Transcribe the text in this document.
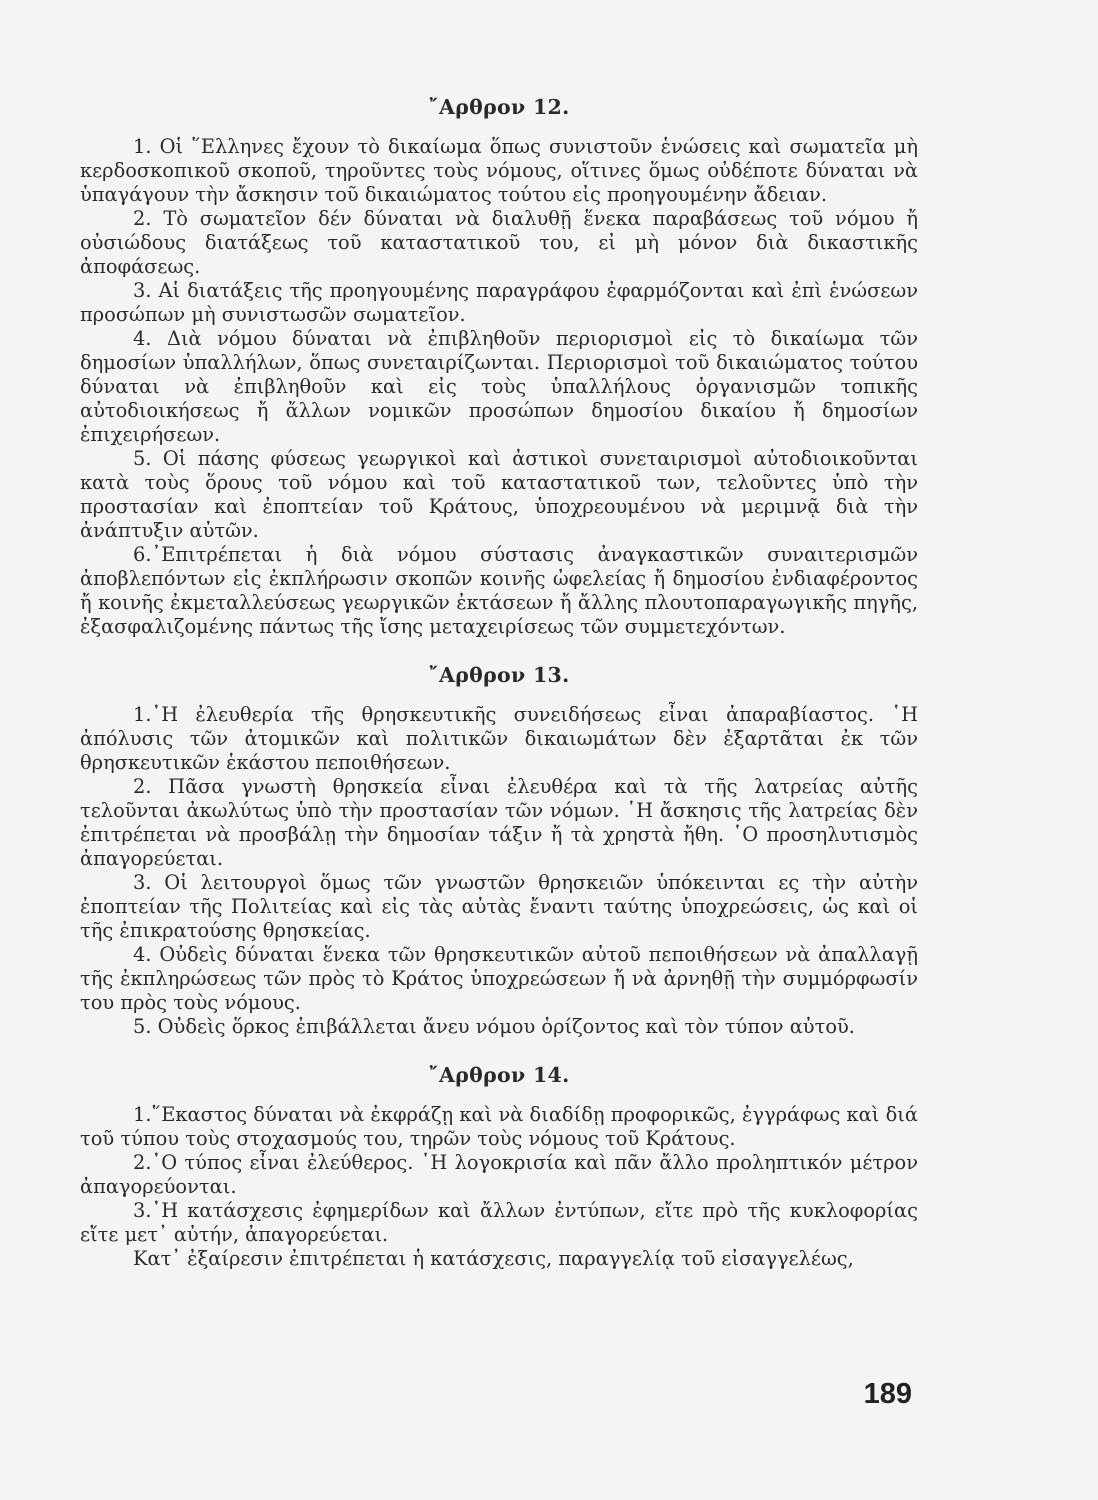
῎Αρθρον 12.

1. Οἱ ῞Ελληνες ἔχουν τὸ δικαίωμα ὅπως συνιστοῦν ἑνώσεις καὶ σωματεῖα μὴ κερδοσκοπικοῦ σκοποῦ, τηροῦντες τοὺς νόμους, οἵτινες ὅμως οὐδέποτε δύναται νὰ ὑπαγάγουν τὴν ἄσκησιν τοῦ δικαιώματος τούτου εἰς προηγουμένην ἄδειαν.

2. Τὸ σωματεῖον δέν δύναται νὰ διαλυθῇ ἕνεκα παραβάσεως τοῦ νόμου ἤ οὐσιώδους διατάξεως τοῦ καταστατικοῦ του, εἰ μὴ μόνον διὰ δικαστικῆς ἀποφάσεως.

3. Αἱ διατάξεις τῆς προηγουμένης παραγράφου ἐφαρμόζονται καὶ ἐπὶ ἑνώσεων προσώπων μὴ συνιστωσῶν σωματεῖον.

4. Διὰ νόμου δύναται νὰ ἐπιβληθοῦν περιορισμοὶ εἰς τὸ δικαίωμα τῶν δημοσίων ὑπαλλήλων, ὅπως συνεταιρίζωνται. Περιορισμοὶ τοῦ δικαιώματος τούτου δύναται νὰ ἐπιβληθοῦν καὶ εἰς τοὺς ὑπαλλήλους ὀργανισμῶν τοπικῆς αὐτοδιοικήσεως ἤ ἄλλων νομικῶν προσώπων δημοσίου δικαίου ἤ δημοσίων ἐπιχειρήσεων.

5. Οἱ πάσης φύσεως γεωργικοὶ καὶ ἀστικοὶ συνεταιρισμοὶ αὐτοδιοικοῦνται κατὰ τοὺς ὅρους τοῦ νόμου καὶ τοῦ καταστατικοῦ των, τελοῦντες ὑπὸ τὴν προστασίαν καὶ ἐποπτείαν τοῦ Κράτους, ὑποχρεουμένου νὰ μεριμνᾷ διὰ τὴν ἀνάπτυξιν αὐτῶν.

6.᾿Επιτρέπεται ἡ διὰ νόμου σύστασις ἀναγκαστικῶν συναιτερισμῶν ἀποβλεπόντων εἰς ἐκπλήρωσιν σκοπῶν κοινῆς ὠφελείας ἤ δημοσίου ἐνδιαφέροντος ἤ κοινῆς ἐκμεταλλεύσεως γεωργικῶν ἐκτάσεων ἤ ἄλλης πλουτοπαραγωγικῆς πηγῆς, ἐξασφαλιζομένης πάντως τῆς ἴσης μεταχειρίσεως τῶν συμμετεχόντων.

῎Αρθρον 13.

1.῾Η ἐλευθερία τῆς θρησκευτικῆς συνειδήσεως εἶναι ἀπαραβίαστος. ῾Η ἀπόλυσις τῶν ἀτομικῶν καὶ πολιτικῶν δικαιωμάτων δὲν ἐξαρτᾶται ἐκ τῶν θρησκευτικῶν ἑκάστου πεποιθήσεων.

2. Πᾶσα γνωστὴ θρησκεία εἶναι ἐλευθέρα καὶ τὰ τῆς λατρείας αὐτῆς τελοῦνται ἀκωλύτως ὑπὸ τὴν προστασίαν τῶν νόμων. ῾Η ἄσκησις τῆς λατρείας δὲν ἐπιτρέπεται νὰ προσβάλῃ τὴν δημοσίαν τάξιν ἤ τὰ χρηστὰ ἤθη. ῾Ο προσηλυτισμὸς ἀπαγορεύεται.

3. Οἱ λειτουργοὶ ὅμως τῶν γνωστῶν θρησκειῶν ὑπόκεινται ες τὴν αὐτὴν ἐποπτείαν τῆς Πολιτείας καὶ εἰς τὰς αὐτὰς ἔναντι ταύτης ὑποχρεώσεις, ὡς καὶ οἱ τῆς ἐπικρατούσης θρησκείας.

4. Οὐδεὶς δύναται ἕνεκα τῶν θρησκευτικῶν αὐτοῦ πεποιθήσεων νὰ ἀπαλλαγῇ τῆς ἐκπληρώσεως τῶν πρὸς τὸ Κράτος ὑποχρεώσεων ἤ νὰ ἀρνηθῇ τὴν συμμόρφωσίν του πρὸς τοὺς νόμους.

5. Οὐδεὶς ὅρκος ἐπιβάλλεται ἄνευ νόμου ὁρίζοντος καὶ τὸν τύπον αὐτοῦ.

῎Αρθρον 14.

1.῞Εκαστος δύναται νὰ ἐκφράζῃ καὶ νὰ διαδίδῃ προφορικῶς, ἐγγράφως καὶ διά τοῦ τύπου τοὺς στοχασμούς του, τηρῶν τοὺς νόμους τοῦ Κράτους.

2.῾Ο τύπος εἶναι ἐλεύθερος. ῾Η λογοκρισία καὶ πᾶν ἄλλο προληπτικόν μέτρον ἀπαγορεύονται.

3.῾Η κατάσχεσις ἐφημερίδων καὶ ἄλλων ἐντύπων, εἴτε πρὸ τῆς κυκλοφορίας εἴτε μετ᾽ αὐτήν, ἀπαγορεύεται.

Κατ᾽ ἐξαίρεσιν ἐπιτρέπεται ἡ κατάσχεσις, παραγγελίᾳ τοῦ εἰσαγγελέως,

189
